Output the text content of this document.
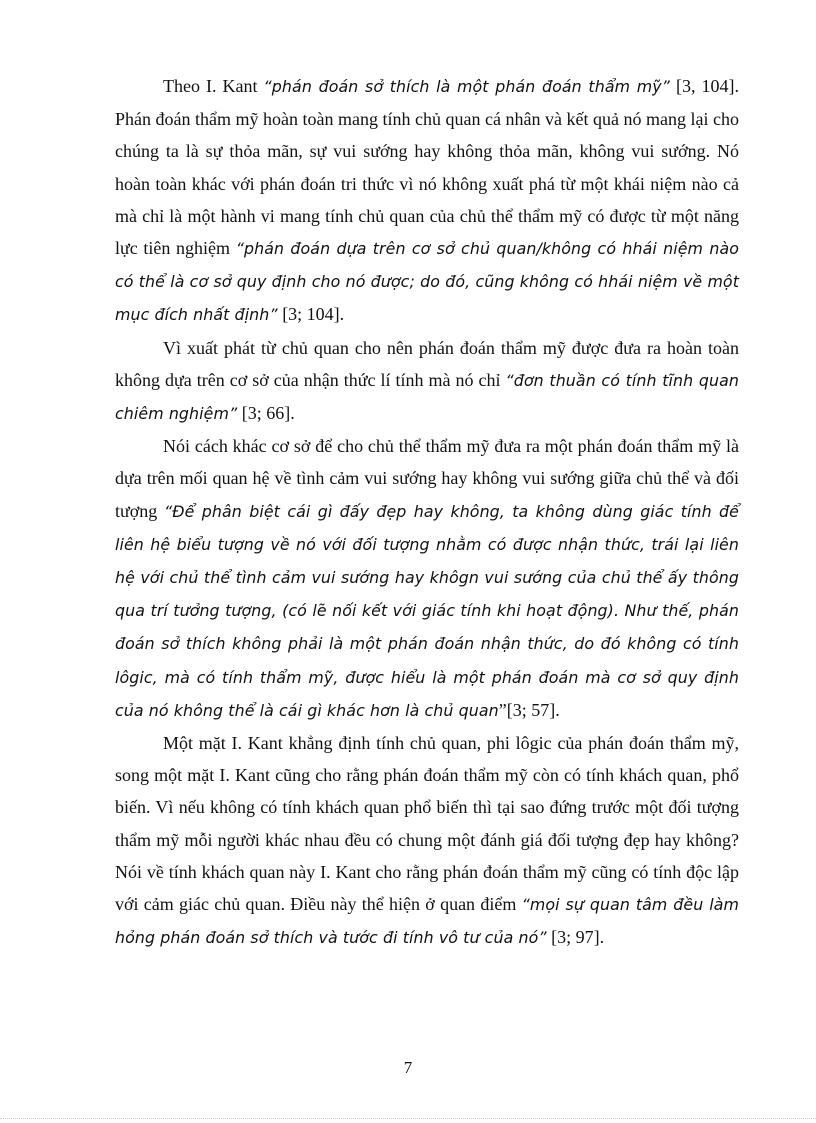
Theo I. Kant “phán đoán sở thích là một phán đoán thẩm mỹ” [3, 104]. Phán đoán thẩm mỹ hoàn toàn mang tính chủ quan cá nhân và kết quả nó mang lại cho chúng ta là sự thỏa mãn, sự vui sướng hay không thỏa mãn, không vui sướng. Nó hoàn toàn khác với phán đoán tri thức vì nó không xuất phá từ một khái niệm nào cả mà chỉ là một hành vi mang tính chủ quan của chủ thể thẩm mỹ có được từ một năng lực tiên nghiệm “phán đoán dựa trên cơ sở chủ quan/không có hhái niệm nào có thể là cơ sở quy định cho nó được; do đó, cũng không có hhái niệm về một mục đích nhất định” [3; 104].

Vì xuất phát từ chủ quan cho nên phán đoán thẩm mỹ được đưa ra hoàn toàn không dựa trên cơ sở của nhận thức lí tính mà nó chỉ “đơn thuần có tính tĩnh quan chiêm nghiệm” [3; 66].

Nói cách khác cơ sở để cho chủ thể thẩm mỹ đưa ra một phán đoán thẩm mỹ là dựa trên mối quan hệ về tình cảm vui sướng hay không vui sướng giữa chủ thể và đối tượng “Để phân biệt cái gì đấy đẹp hay không, ta không dùng giác tính để liên hệ biểu tượng về nó với đối tượng nhằm có được nhận thức, trái lại liên hệ với chủ thể tình cảm vui sướng hay khôgn vui sướng của chủ thể ấy thông qua trí tưởng tượng, (có lẽ nối kết với giác tính khi hoạt động). Như thế, phán đoán sở thích không phải là một phán đoán nhận thức, do đó không có tính lôgic, mà có tính thẩm mỹ, được hiểu là một phán đoán mà cơ sở quy định của nó không thể là cái gì khác hơn là chủ quan”[3; 57].

Một mặt I. Kant khẳng định tính chủ quan, phi lôgic của phán đoán thẩm mỹ, song một mặt I. Kant cũng cho rằng phán đoán thẩm mỹ còn có tính khách quan, phổ biến. Vì nếu không có tính khách quan phổ biến thì tại sao đứng trước một đối tượng thẩm mỹ mỗi người khác nhau đều có chung một đánh giá đối tượng đẹp hay không? Nói về tính khách quan này I. Kant cho rằng phán đoán thẩm mỹ cũng có tính độc lập với cảm giác chủ quan. Điều này thể hiện ở quan điểm “mọi sự quan tâm đều làm hỏng phán đoán sở thích và tước đi tính vô tư của nó” [3; 97].

7
